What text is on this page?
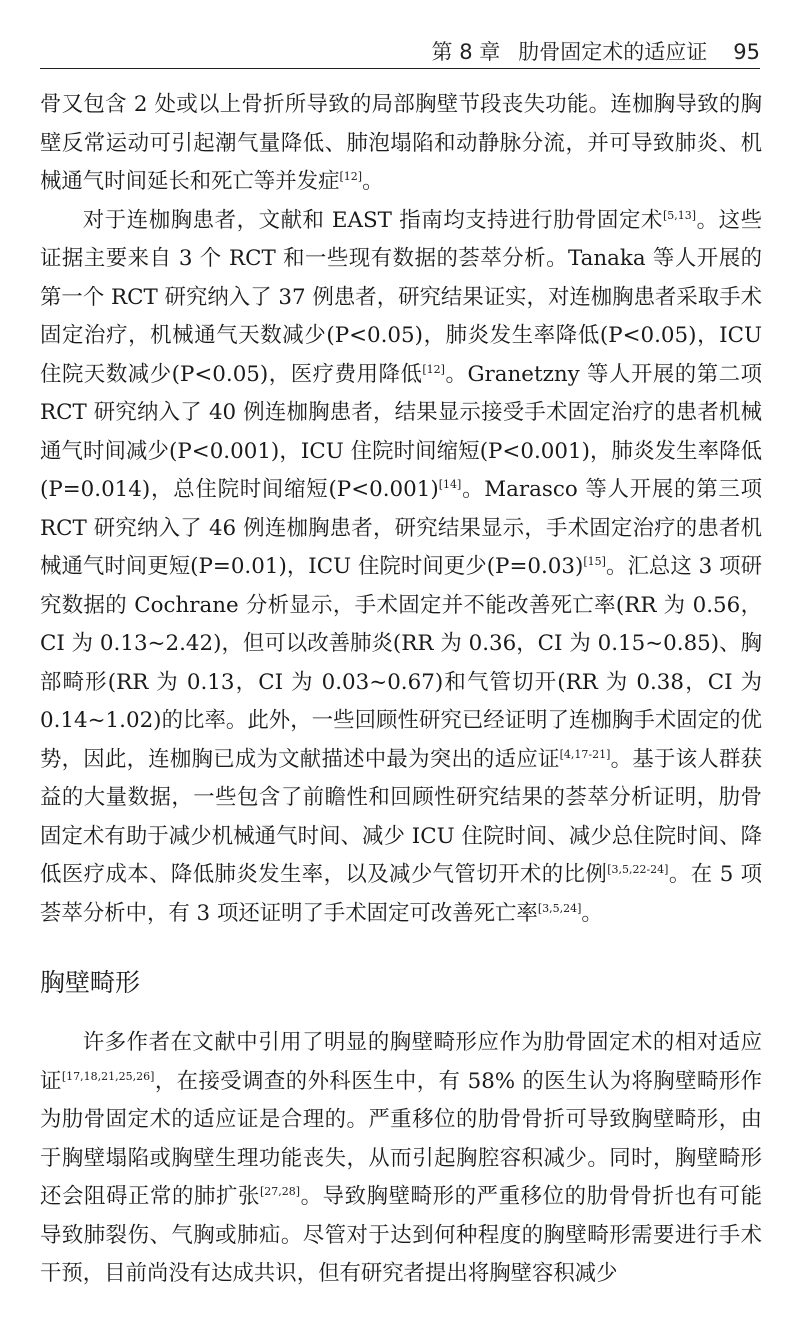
第 8 章 肋骨固定术的适应证 95

骨又包含 2 处或以上骨折所导致的局部胸壁节段丧失功能。连枷胸导致的胸壁反常运动可引起潮气量降低、肺泡塌陷和动静脉分流，并可导致肺炎、机械通气时间延长和死亡等并发症[12]。

对于连枷胸患者，文献和 EAST 指南均支持进行肋骨固定术[5,13]。这些证据主要来自 3 个 RCT 和一些现有数据的荟萃分析。Tanaka 等人开展的第一个 RCT 研究纳入了 37 例患者，研究结果证实，对连枷胸患者采取手术固定治疗，机械通气天数减少(P<0.05)，肺炎发生率降低(P<0.05)，ICU 住院天数减少(P<0.05)，医疗费用降低[12]。Granetzny 等人开展的第二项 RCT 研究纳入了 40 例连枷胸患者，结果显示接受手术固定治疗的患者机械通气时间减少(P<0.001)，ICU 住院时间缩短(P<0.001)，肺炎发生率降低(P=0.014)，总住院时间缩短(P<0.001)[14]。Marasco 等人开展的第三项 RCT 研究纳入了 46 例连枷胸患者，研究结果显示，手术固定治疗的患者机械通气时间更短(P=0.01)，ICU 住院时间更少(P=0.03)[15]。汇总这 3 项研究数据的 Cochrane 分析显示，手术固定并不能改善死亡率(RR 为 0.56，CI 为 0.13~2.42)，但可以改善肺炎(RR 为 0.36，CI 为 0.15~0.85)、胸部畸形(RR 为 0.13，CI 为 0.03~0.67)和气管切开(RR 为 0.38，CI 为 0.14~1.02)的比率。此外，一些回顾性研究已经证明了连枷胸手术固定的优势，因此，连枷胸已成为文献描述中最为突出的适应证[4,17-21]。基于该人群获益的大量数据，一些包含了前瞻性和回顾性研究结果的荟萃分析证明，肋骨固定术有助于减少机械通气时间、减少 ICU 住院时间、减少总住院时间、降低医疗成本、降低肺炎发生率，以及减少气管切开术的比例[3,5,22-24]。在 5 项荟萃分析中，有 3 项还证明了手术固定可改善死亡率[3,5,24]。

胸壁畸形

许多作者在文献中引用了明显的胸壁畸形应作为肋骨固定术的相对适应证[17,18,21,25,26]，在接受调查的外科医生中，有 58% 的医生认为将胸壁畸形作为肋骨固定术的适应证是合理的。严重移位的肋骨骨折可导致胸壁畸形，由于胸壁塌陷或胸壁生理功能丧失，从而引起胸腔容积减少。同时，胸壁畸形还会阻碍正常的肺扩张[27,28]。导致胸壁畸形的严重移位的肋骨骨折也有可能导致肺裂伤、气胸或肺疝。尽管对于达到何种程度的胸壁畸形需要进行手术干预，目前尚没有达成共识，但有研究者提出将胸壁容积减少
